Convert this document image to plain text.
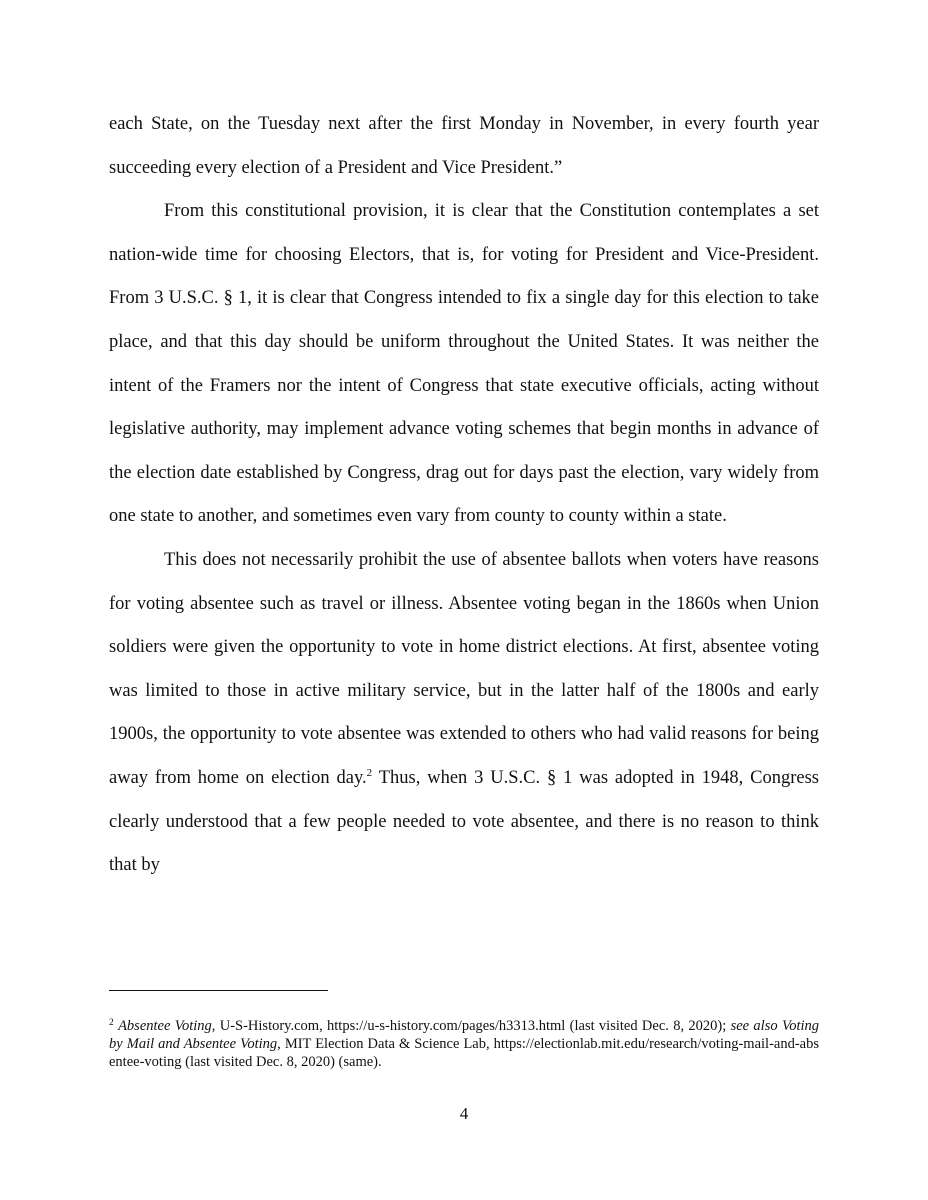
each State, on the Tuesday next after the first Monday in November, in every fourth year succeeding every election of a President and Vice President.”

From this constitutional provision, it is clear that the Constitution contemplates a set nation-wide time for choosing Electors, that is, for voting for President and Vice-President. From 3 U.S.C. § 1, it is clear that Congress intended to fix a single day for this election to take place, and that this day should be uniform throughout the United States. It was neither the intent of the Framers nor the intent of Congress that state executive officials, acting without legislative authority, may implement advance voting schemes that begin months in advance of the election date established by Congress, drag out for days past the election, vary widely from one state to another, and sometimes even vary from county to county within a state.

This does not necessarily prohibit the use of absentee ballots when voters have reasons for voting absentee such as travel or illness. Absentee voting began in the 1860s when Union soldiers were given the opportunity to vote in home district elections. At first, absentee voting was limited to those in active military service, but in the latter half of the 1800s and early 1900s, the opportunity to vote absentee was extended to others who had valid reasons for being away from home on election day.$^2$ Thus, when 3 U.S.C. § 1 was adopted in 1948, Congress clearly understood that a few people needed to vote absentee, and there is no reason to think that by

$^2$ Absentee Voting, U-S-History.com, https://u-s-history.com/pages/h3313.html (last visited Dec. 8, 2020); see also Voting by Mail and Absentee Voting, MIT Election Data & Science Lab, https://electionlab.mit.edu/research/voting-mail-and-absentee-voting (last visited Dec. 8, 2020) (same).

4
